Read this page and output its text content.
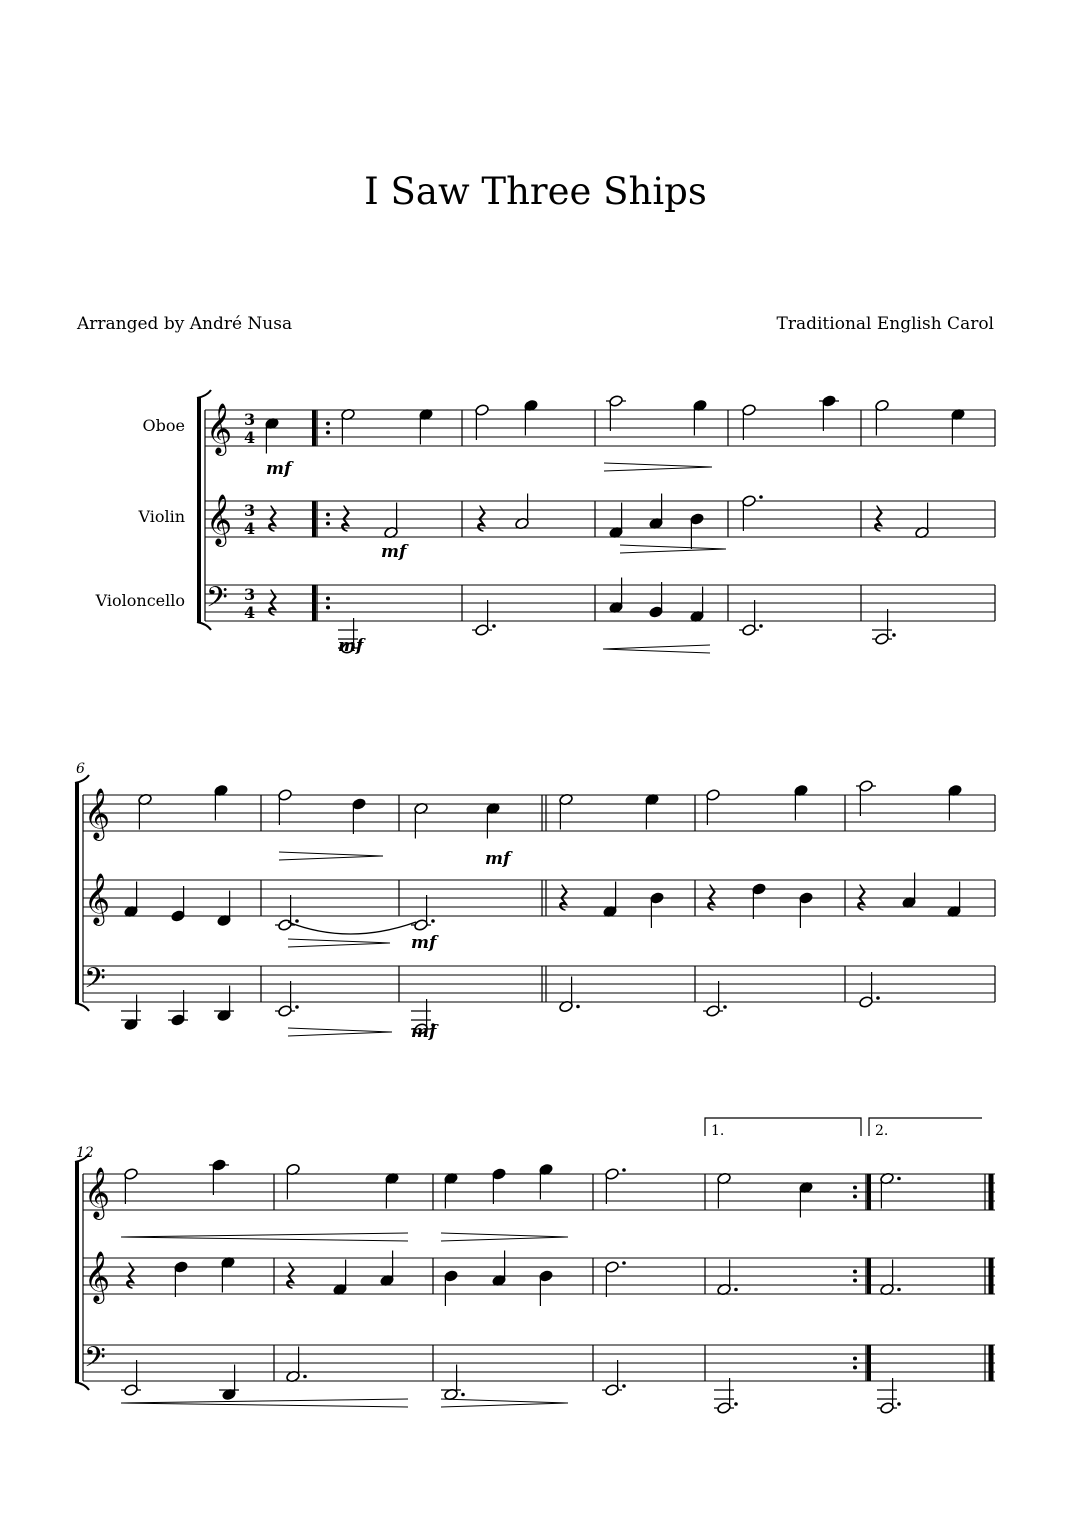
I Saw Three Ships
Arranged by André Nusa	Traditional English Carol
Oboe
Violin
Violoncello
𝄞 3
4
𝄞 3
4
𝄢 3
4
mf
mf
mf
6
𝄞
𝄞
𝄢
mf
mf
mf
12
𝄞
𝄞
𝄢
1.	2.
